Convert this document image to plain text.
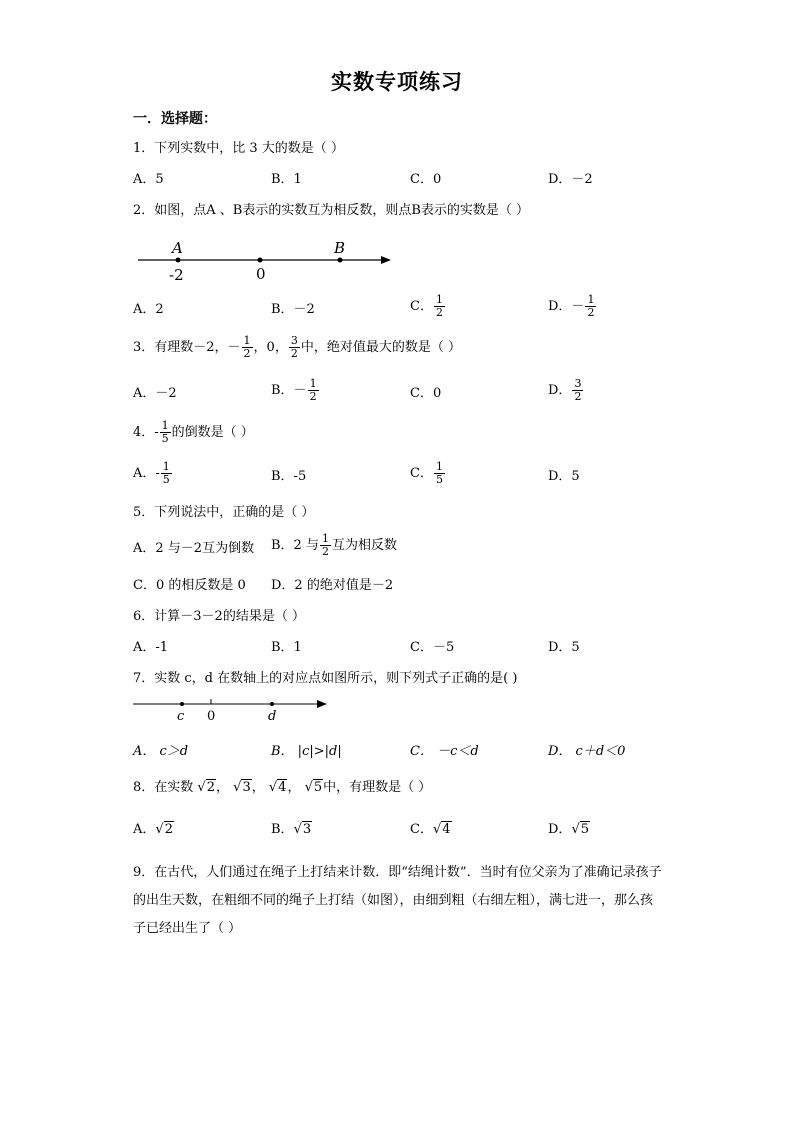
实数专项练习
一．选择题：
1．下列实数中，比 3 大的数是（ ）
A．5	B．1	C．0	D．－2
2．如图，点A 、B表示的实数互为相反数，则点B表示的实数是（ ）
A	B
-2	0
A．2	B．－2	C． $\frac{1}{2}$	D．－ $\frac{1}{2}$
3．有理数－2，－ $\frac{1}{2}$ ，0， $\frac{3}{2}$ 中，绝对值最大的数是（ ）
A．－2	B．－ $\frac{1}{2}$	C．0	D． $\frac{3}{2}$
4．- $\frac{1}{5}$ 的倒数是（ ）
A．- $\frac{1}{5}$	B．-5	C． $\frac{1}{5}$	D．5
5．下列说法中，正确的是（ ）
A．2 与－2互为倒数 B．2 与 $\frac{1}{2}$ 互为相反数
C．0 的相反数是 0 D．2 的绝对值是－2
6．计算－3－2的结果是（ ）
A．-1	B．1	C．－5	D．5
7．实数 c，d 在数轴上的对应点如图所示，则下列式子正确的是( )
c 0	d
A． c＞d	B． |c|>|d|	C． －c＜d	D． c＋d＜0
8．在实数 √2， √3， √4， √5中，有理数是（ ）
A．√2	B．√3	C．√4	D．√5
9．在古代，人们通过在绳子上打结来计数．即“结绳计数”．当时有位父亲为了准确记录孩子的出生天数，在粗细不同的绳子上打结（如图），由细到粗（右细左粗），满七进一，那么孩子已经出生了（ ）
